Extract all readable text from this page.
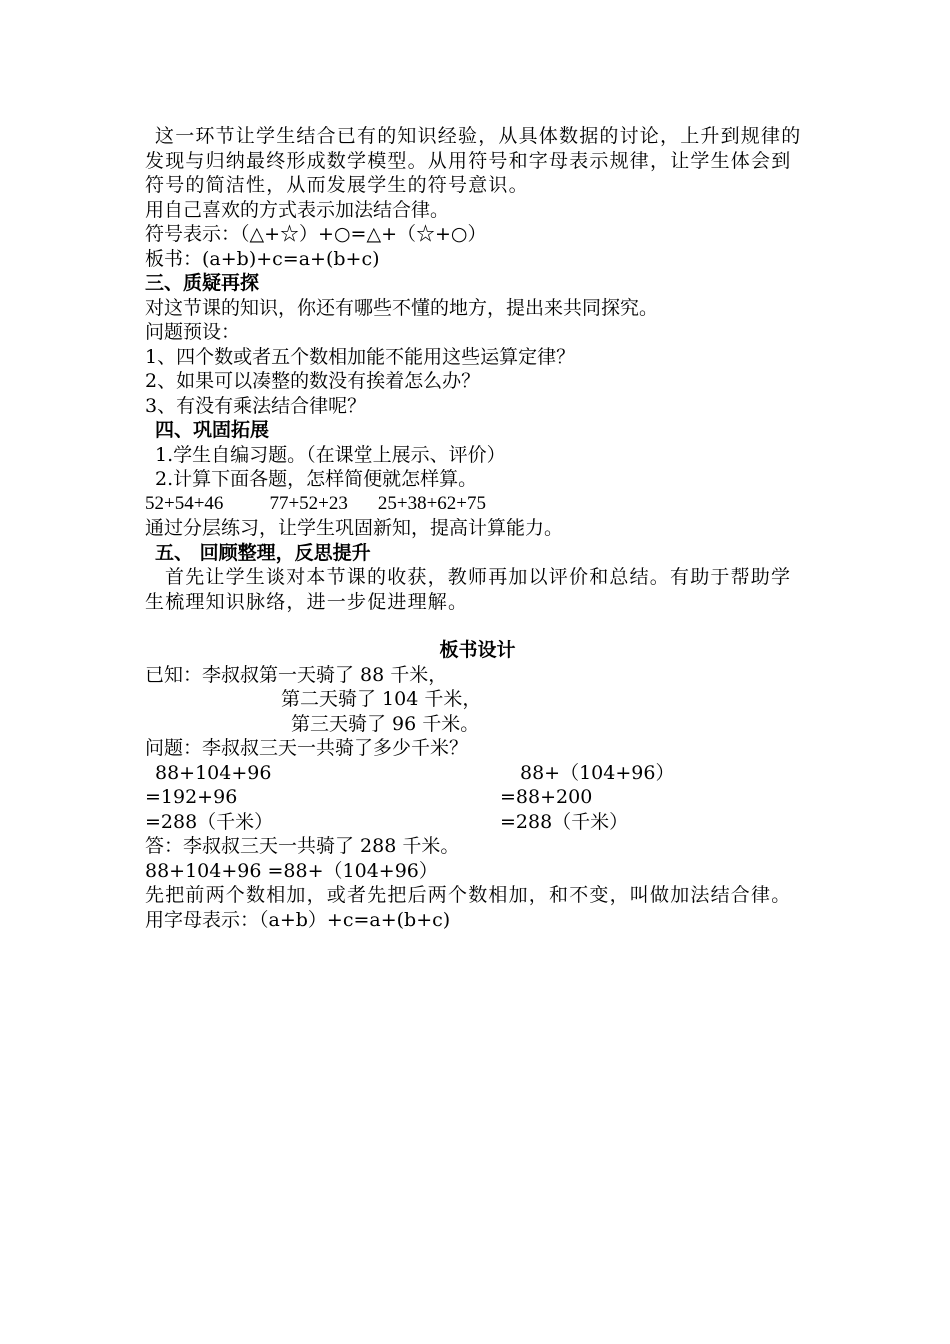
这一环节让学生结合已有的知识经验，从具体数据的讨论，上升到规律的发现与归纳最终形成数学模型。从用符号和字母表示规律，让学生体会到符号的简洁性，从而发展学生的符号意识。
用自己喜欢的方式表示加法结合律。
符号表示：（△+☆）+○=△+（☆+○）
板书：(a+b)+c=a+(b+c)
三、质疑再探
对这节课的知识，你还有哪些不懂的地方，提出来共同探究。
问题预设：
1、四个数或者五个数相加能不能用这些运算定律？
2、如果可以凑整的数没有挨着怎么办？
3、有没有乘法结合律呢？
四、巩固拓展
1.学生自编习题。（在课堂上展示、评价）
2.计算下面各题，怎样简便就怎样算。
52+54+46 77+52+23 25+38+62+75
通过分层练习，让学生巩固新知，提高计算能力。
五、 回顾整理，反思提升
首先让学生谈对本节课的收获，教师再加以评价和总结。有助于帮助学生梳理知识脉络，进一步促进理解。
板书设计
已知：李叔叔第一天骑了 88 千米，
第二天骑了 104 千米，
第三天骑了 96 千米。
问题：李叔叔三天一共骑了多少千米？
88+104+96	88+（104+96）
=192+96	=88+200
=288（千米）	=288（千米）
答：李叔叔三天一共骑了 288 千米。
88+104+96 =88+（104+96）
先把前两个数相加，或者先把后两个数相加，和不变，叫做加法结合律。
用字母表示：（a+b）+c=a+(b+c)
